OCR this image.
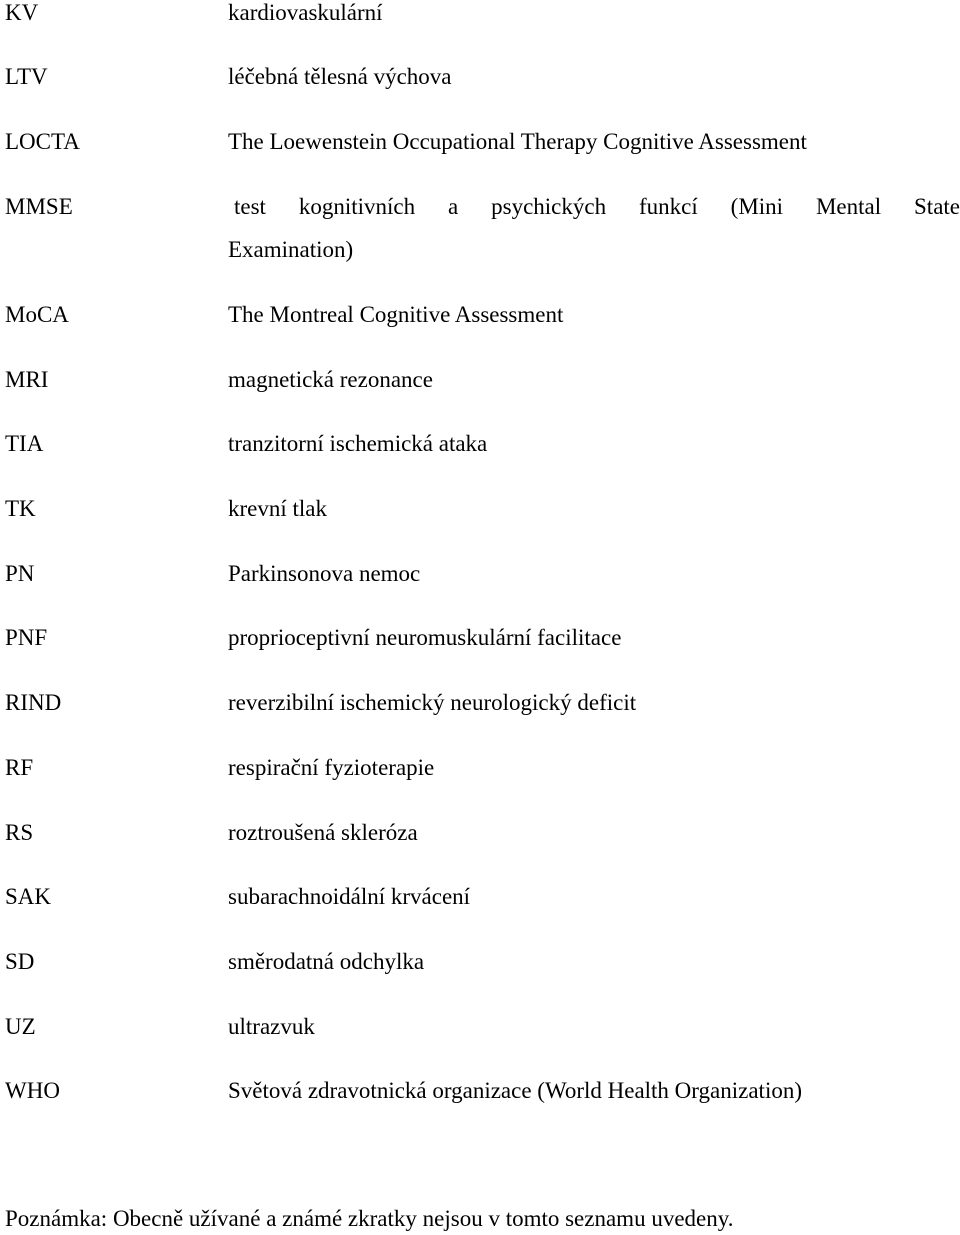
KV	kardiovaskulární
LTV	léčebná tělesná výchova
LOCTA	The Loewenstein Occupational Therapy Cognitive Assessment
MMSE	test kognitivních a psychických funkcí (Mini Mental State
Examination)
MoCA	The Montreal Cognitive Assessment
MRI	magnetická rezonance
TIA	tranzitorní ischemická ataka
TK	krevní tlak
PN	Parkinsonova nemoc
PNF	proprioceptivní neuromuskulární facilitace
RIND	reverzibilní ischemický neurologický deficit
RF	respirační fyzioterapie
RS	roztroušená skleróza
SAK	subarachnoidální krvácení
SD	směrodatná odchylka
UZ	ultrazvuk
WHO	Světová zdravotnická organizace (World Health Organization)
Poznámka: Obecně užívané a známé zkratky nejsou v tomto seznamu uvedeny.
